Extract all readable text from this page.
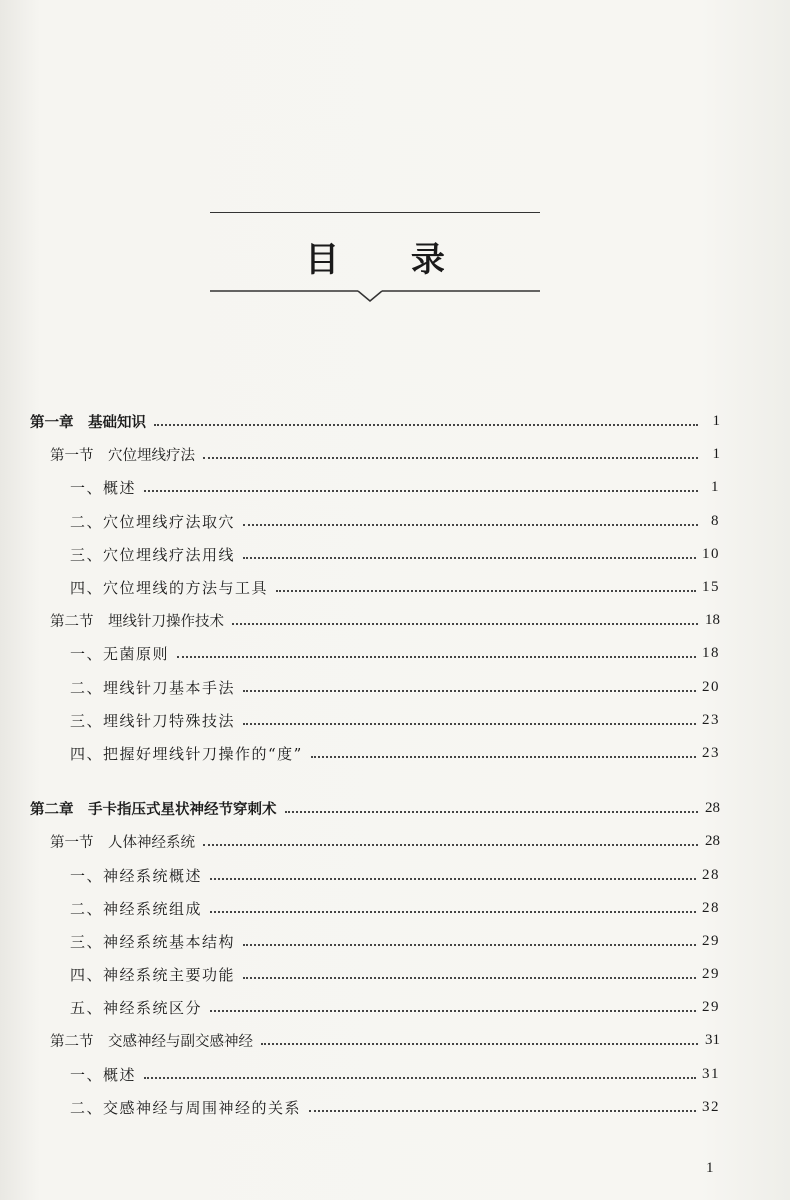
目 录
第一章　基础知识	1
第一节　穴位埋线疗法	1
一、概述	1
二、穴位埋线疗法取穴	8
三、穴位埋线疗法用线	10
四、穴位埋线的方法与工具	15
第二节　埋线针刀操作技术	18
一、无菌原则	18
二、埋线针刀基本手法	20
三、埋线针刀特殊技法	23
四、把握好埋线针刀操作的“度”	23
第二章　手卡指压式星状神经节穿刺术	28
第一节　人体神经系统	28
一、神经系统概述	28
二、神经系统组成	28
三、神经系统基本结构	29
四、神经系统主要功能	29
五、神经系统区分	29
第二节　交感神经与副交感神经	31
一、概述	31
二、交感神经与周围神经的关系	32
1
